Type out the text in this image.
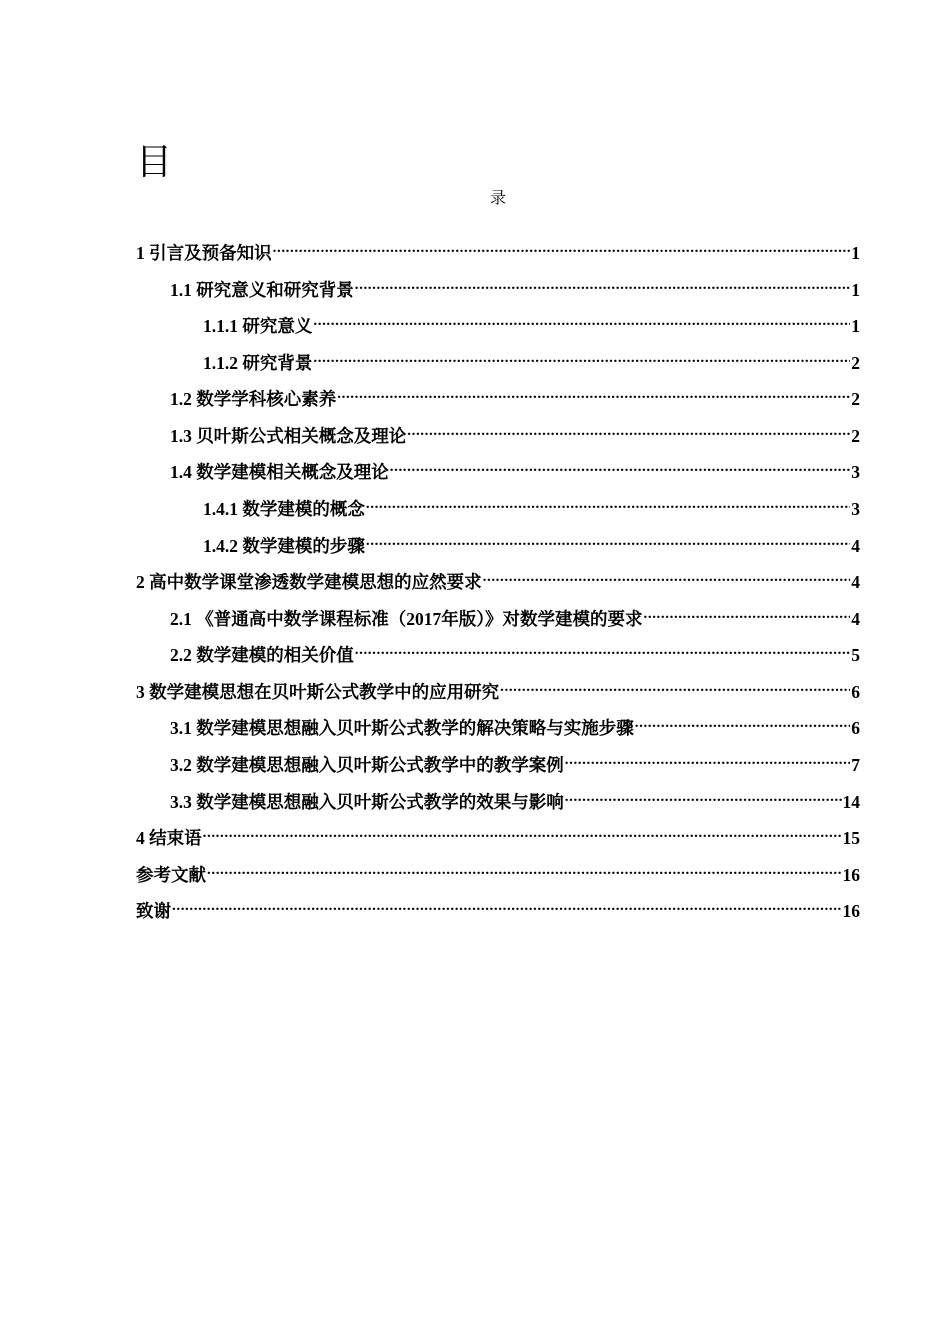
目
录
1 引言及预备知识 .....	1
1.1 研究意义和研究背景 .....	1
1.1.1 研究意义 .....	1
1.1.2 研究背景 .....	2
1.2 数学学科核心素养 .....	2
1.3 贝叶斯公式相关概念及理论 .....	2
1.4 数学建模相关概念及理论 .....	3
1.4.1 数学建模的概念 .....	3
1.4.2 数学建模的步骤 .....	4
2 高中数学课堂渗透数学建模思想的应然要求 .....	4
2.1 《普通高中数学课程标准（2017年版）》对数学建模的要求 .....	4
2.2 数学建模的相关价值 .....	5
3 数学建模思想在贝叶斯公式教学中的应用研究 .....	6
3.1 数学建模思想融入贝叶斯公式教学的解决策略与实施步骤 .....	6
3.2 数学建模思想融入贝叶斯公式教学中的教学案例 .....	7
3.3 数学建模思想融入贝叶斯公式教学的效果与影响 .....	14
4 结束语 .....	15
参考文献 .....	16
致谢 .....	16
